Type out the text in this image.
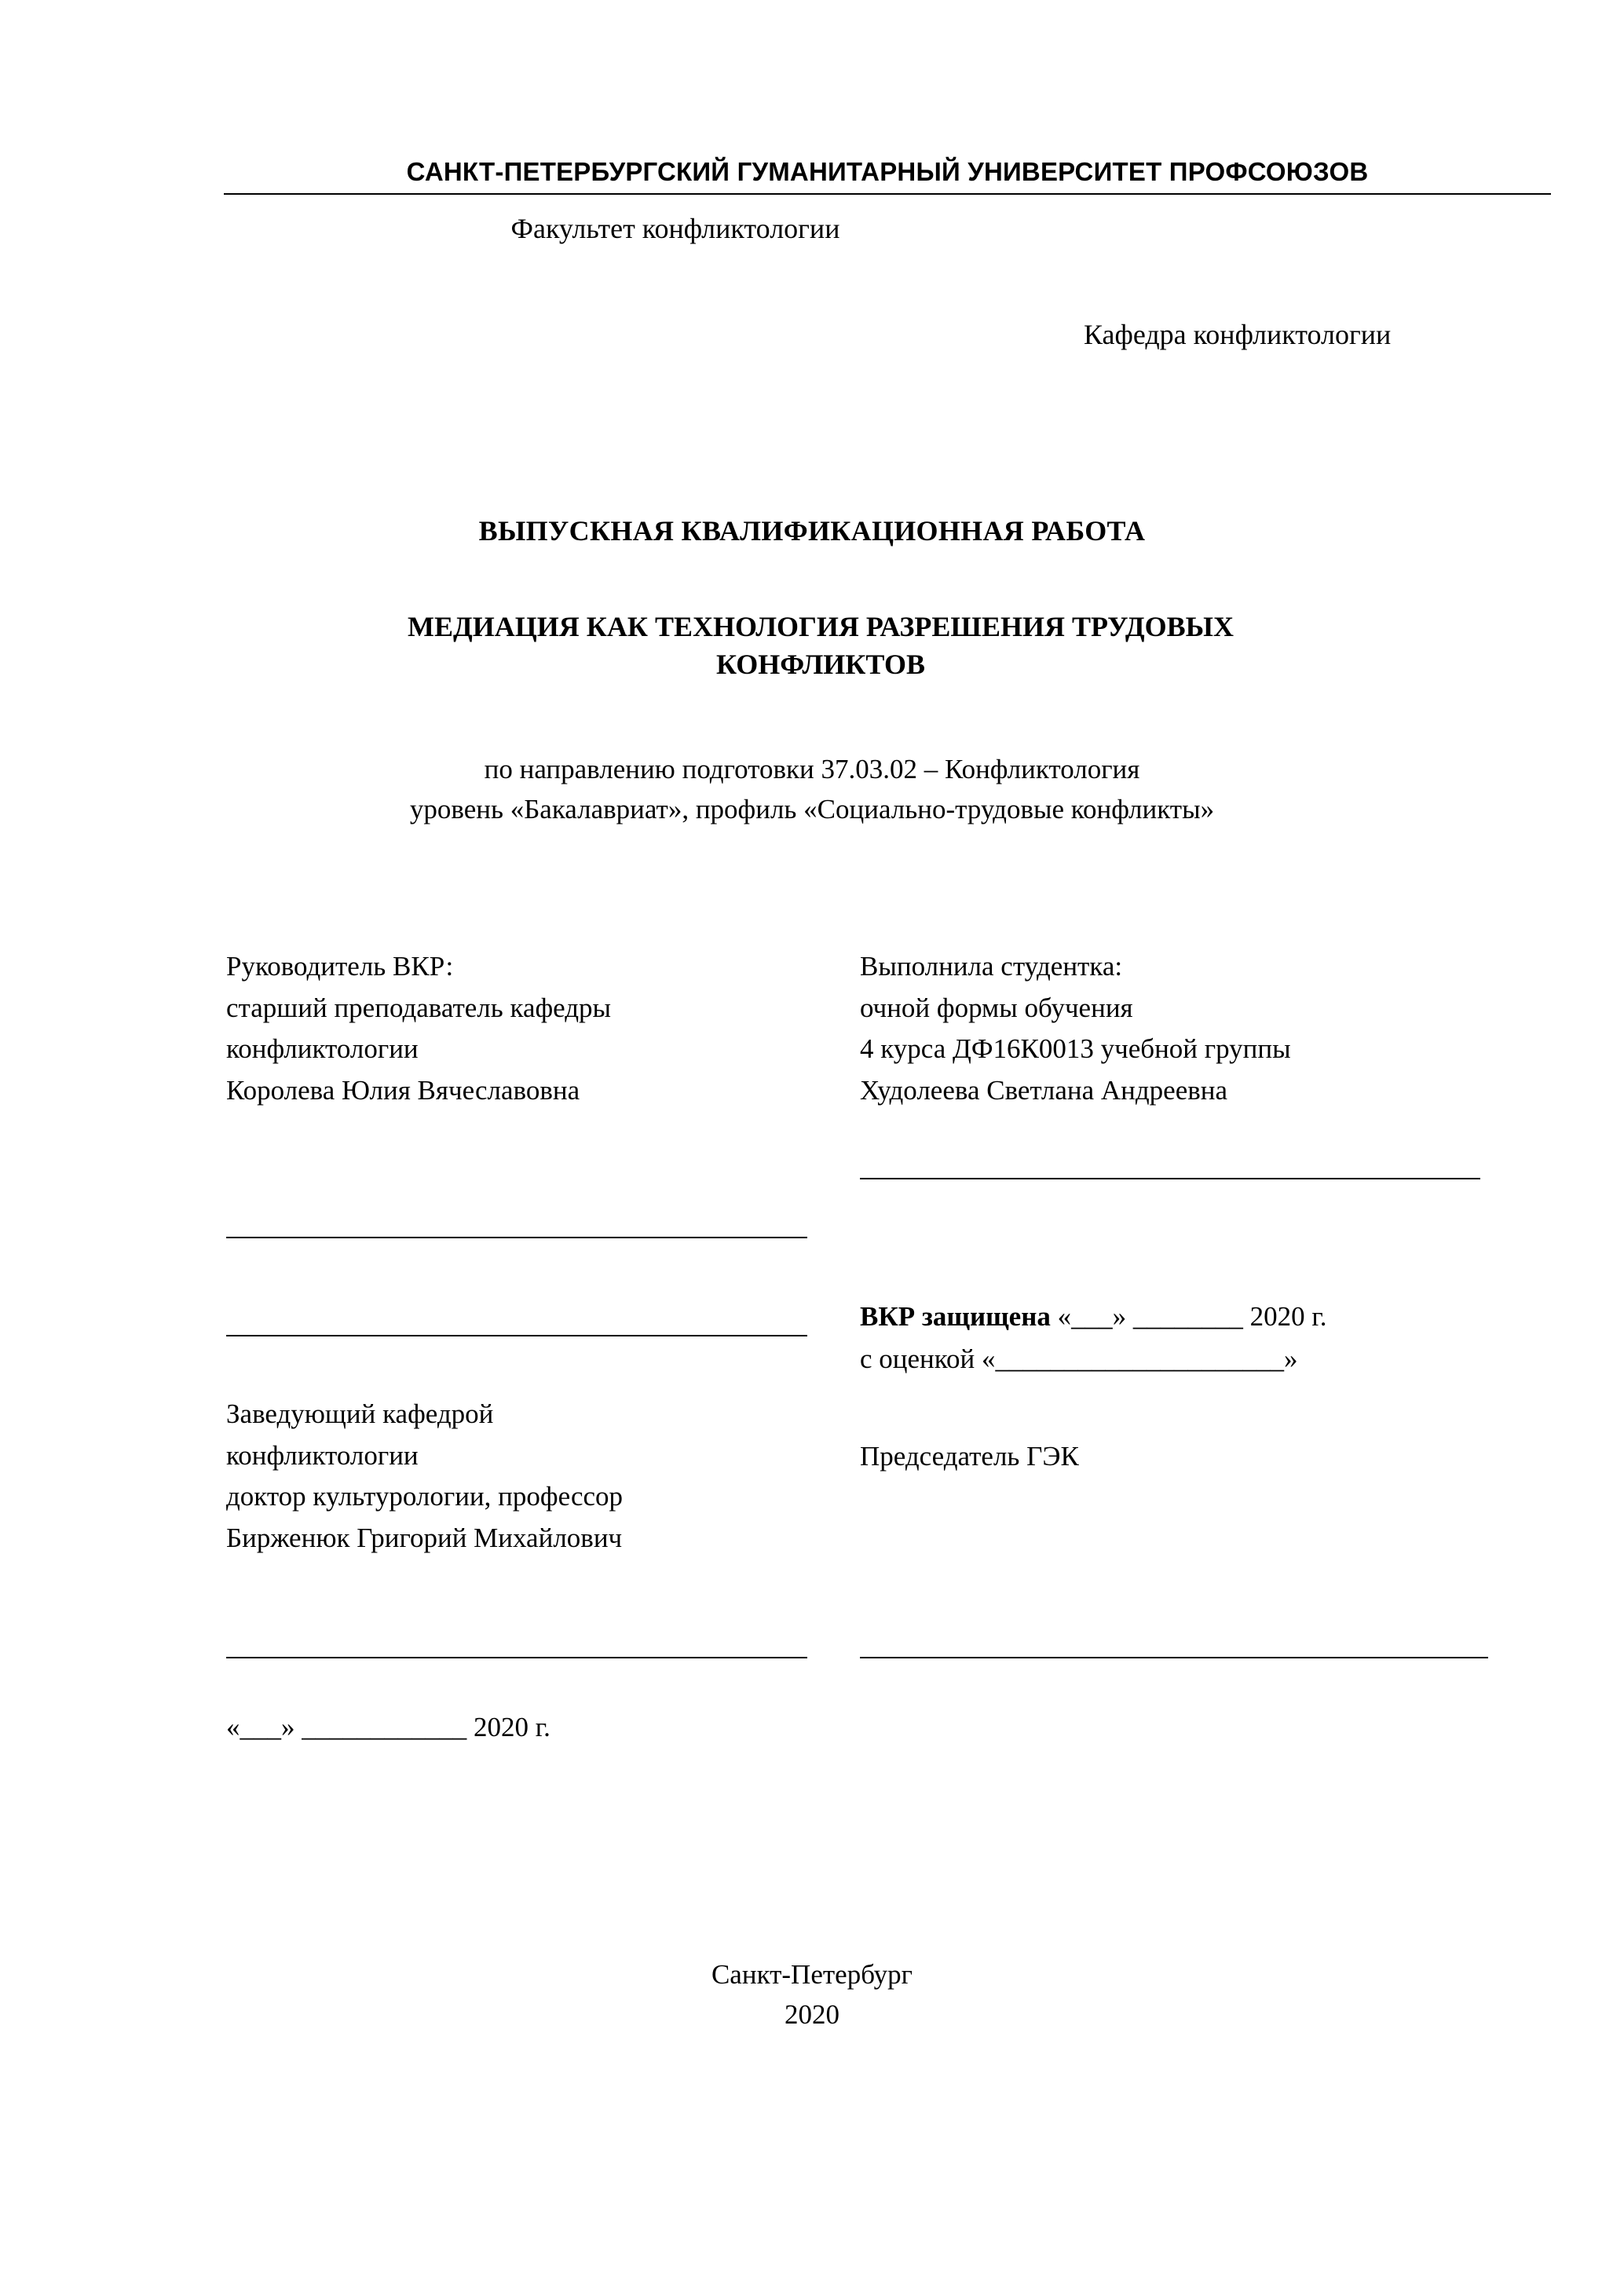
САНКТ-ПЕТЕРБУРГСКИЙ ГУМАНИТАРНЫЙ УНИВЕРСИТЕТ ПРОФСОЮЗОВ
Факультет конфликтологии
Кафедра конфликтологии
ВЫПУСКНАЯ КВАЛИФИКАЦИОННАЯ РАБОТА
МЕДИАЦИЯ КАК ТЕХНОЛОГИЯ РАЗРЕШЕНИЯ ТРУДОВЫХ
КОНФЛИКТОВ
по направлению подготовки 37.03.02 – Конфликтология
уровень «Бакалавриат», профиль «Социально-трудовые конфликты»
Руководитель ВКР:
старший преподаватель кафедры
конфликтологии
Королева Юлия Вячеславовна
Выполнила студентка:
очной формы обучения
4 курса ДФ16К0013 учебной группы
Худолеева Светлана Андреевна
ВКР защищена «___» ________ 2020 г.
с оценкой «_____________________»
Заведующий кафедрой
конфликтологии
доктор культурологии, профессор
Бирженюк Григорий Михайлович
Председатель ГЭК
«___» ____________ 2020 г.
Санкт-Петербург
2020
